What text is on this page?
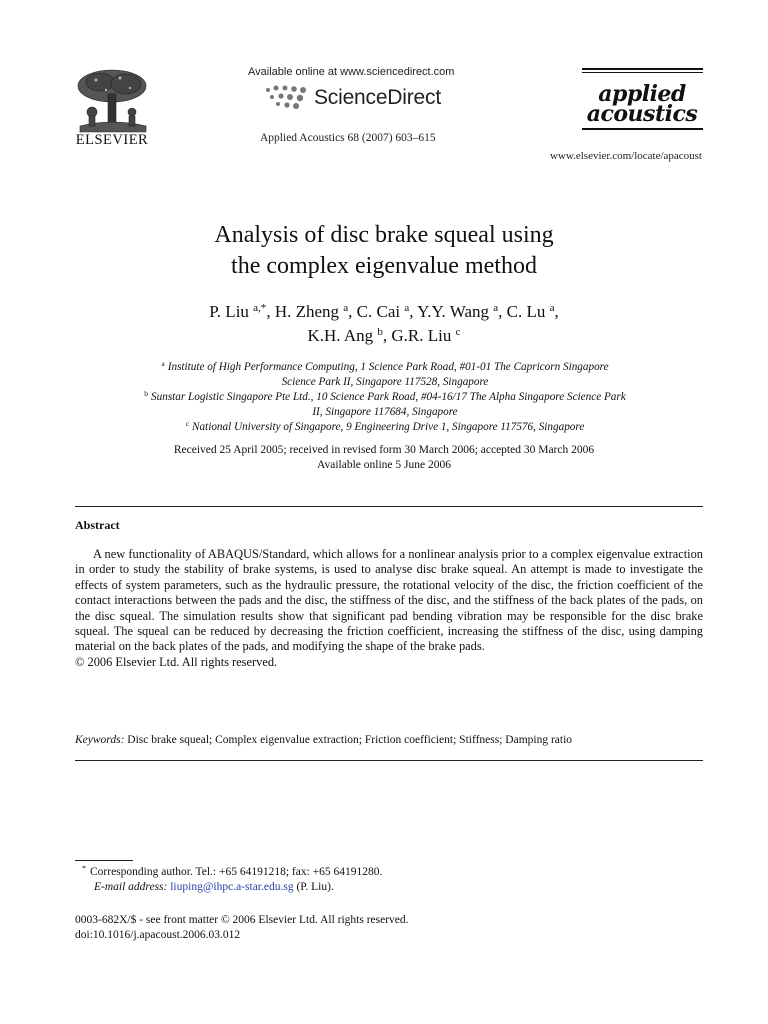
ELSEVIER
Available online at www.sciencedirect.com
ScienceDirect
Applied Acoustics 68 (2007) 603–615
applied
acoustics
www.elsevier.com/locate/apacoust
Analysis of disc brake squeal using
the complex eigenvalue method
P. Liu $^{a,*}$, H. Zheng $^a$, C. Cai $^a$, Y.Y. Wang $^a$, C. Lu $^a$,
K.H. Ang $^b$, G.R. Liu $^c$
$^a$ Institute of High Performance Computing, 1 Science Park Road, #01-01 The Capricorn Singapore
Science Park II, Singapore 117528, Singapore
$^b$ Sunstar Logistic Singapore Pte Ltd., 10 Science Park Road, #04-16/17 The Alpha Singapore Science Park
II, Singapore 117684, Singapore
$^c$ National University of Singapore, 9 Engineering Drive 1, Singapore 117576, Singapore
Received 25 April 2005; received in revised form 30 March 2006; accepted 30 March 2006
Available online 5 June 2006
Abstract

A new functionality of ABAQUS/Standard, which allows for a nonlinear analysis prior to a complex eigenvalue extraction in order to study the stability of brake systems, is used to analyse disc brake squeal. An attempt is made to investigate the effects of system parameters, such as the hydraulic pressure, the rotational velocity of the disc, the friction coefficient of the contact interactions between the pads and the disc, the stiffness of the disc, and the stiffness of the back plates of the pads, on the disc squeal. The simulation results show that significant pad bending vibration may be responsible for the disc brake squeal. The squeal can be reduced by decreasing the friction coefficient, increasing the stiffness of the disc, using damping material on the back plates of the pads, and modifying the shape of the brake pads.

© 2006 Elsevier Ltd. All rights reserved.

Keywords: Disc brake squeal; Complex eigenvalue extraction; Friction coefficient; Stiffness; Damping ratio
* Corresponding author. Tel.: +65 64191218; fax: +65 64191280.
E-mail address: liuping@ihpc.a-star.edu.sg (P. Liu).
0003-682X/$ - see front matter © 2006 Elsevier Ltd. All rights reserved.
doi:10.1016/j.apacoust.2006.03.012
